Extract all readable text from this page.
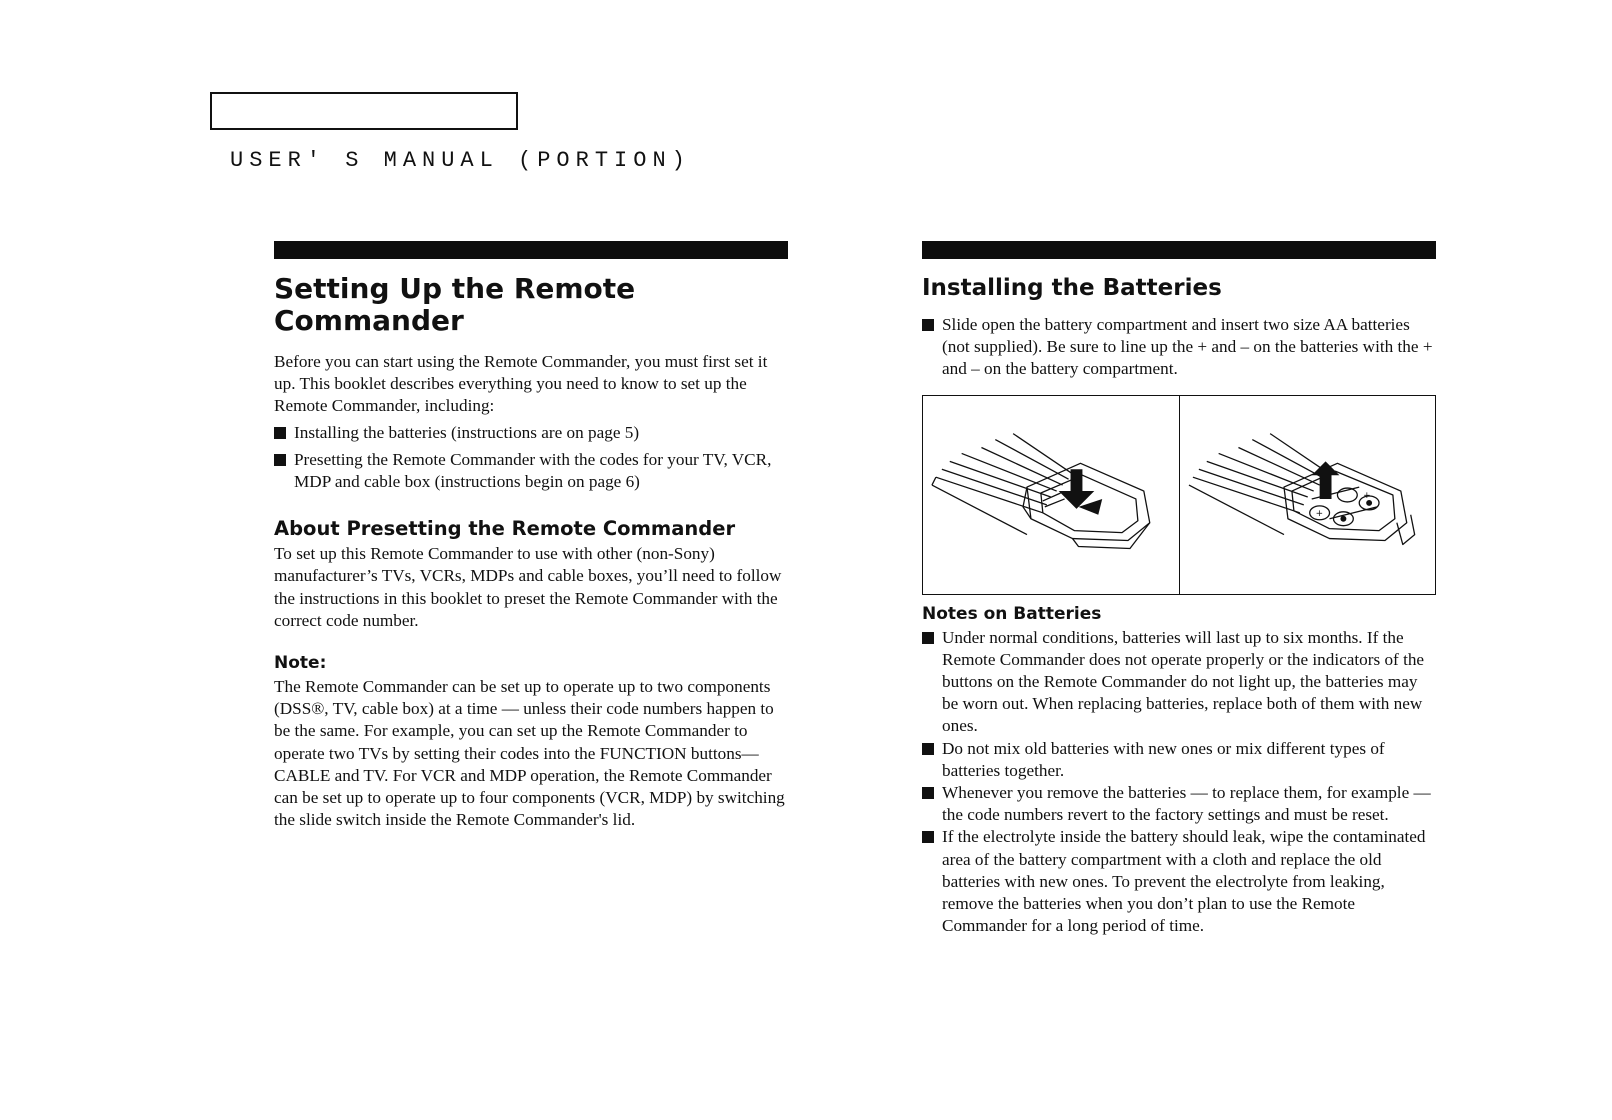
USER' S MANUAL (PORTION)
Setting Up the Remote Commander

Before you can start using the Remote Commander, you must first set it up. This booklet describes everything you need to know to set up the Remote Commander, including:

Installing the batteries (instructions are on page 5)
Presetting the Remote Commander with the codes for your TV, VCR, MDP and cable box (instructions begin on page 6)
About Presetting the Remote Commander

To set up this Remote Commander to use with other (non-Sony) manufacturer’s TVs, VCRs, MDPs and cable boxes, you’ll need to follow the instructions in this booklet to preset the Remote Commander with the correct code number.

Note:

The Remote Commander can be set up to operate up to two components (DSS®, TV, cable box) at a time — unless their code numbers happen to be the same. For example, you can set up the Remote Commander to operate two TVs by setting their codes into the FUNCTION buttons—CABLE and TV. For VCR and MDP operation, the Remote Commander can be set up to operate up to four components (VCR, MDP) by switching the slide switch inside the Remote Commander's lid.

Installing the Batteries
Slide open the battery compartment and insert two size AA batteries (not supplied). Be sure to line up the + and – on the batteries with the + and – on the battery compartment.
+
+
Notes on Batteries
Under normal conditions, batteries will last up to six months. If the Remote Commander does not operate properly or the indicators of the buttons on the Remote Commander do not light up, the batteries may be worn out. When replacing batteries, replace both of them with new ones.
Do not mix old batteries with new ones or mix different types of batteries together.
Whenever you remove the batteries — to replace them, for example — the code numbers revert to the factory settings and must be reset.
If the electrolyte inside the battery should leak, wipe the contaminated area of the battery compartment with a cloth and replace the old batteries with new ones. To prevent the electrolyte from leaking, remove the batteries when you don’t plan to use the Remote Commander for a long period of time.
